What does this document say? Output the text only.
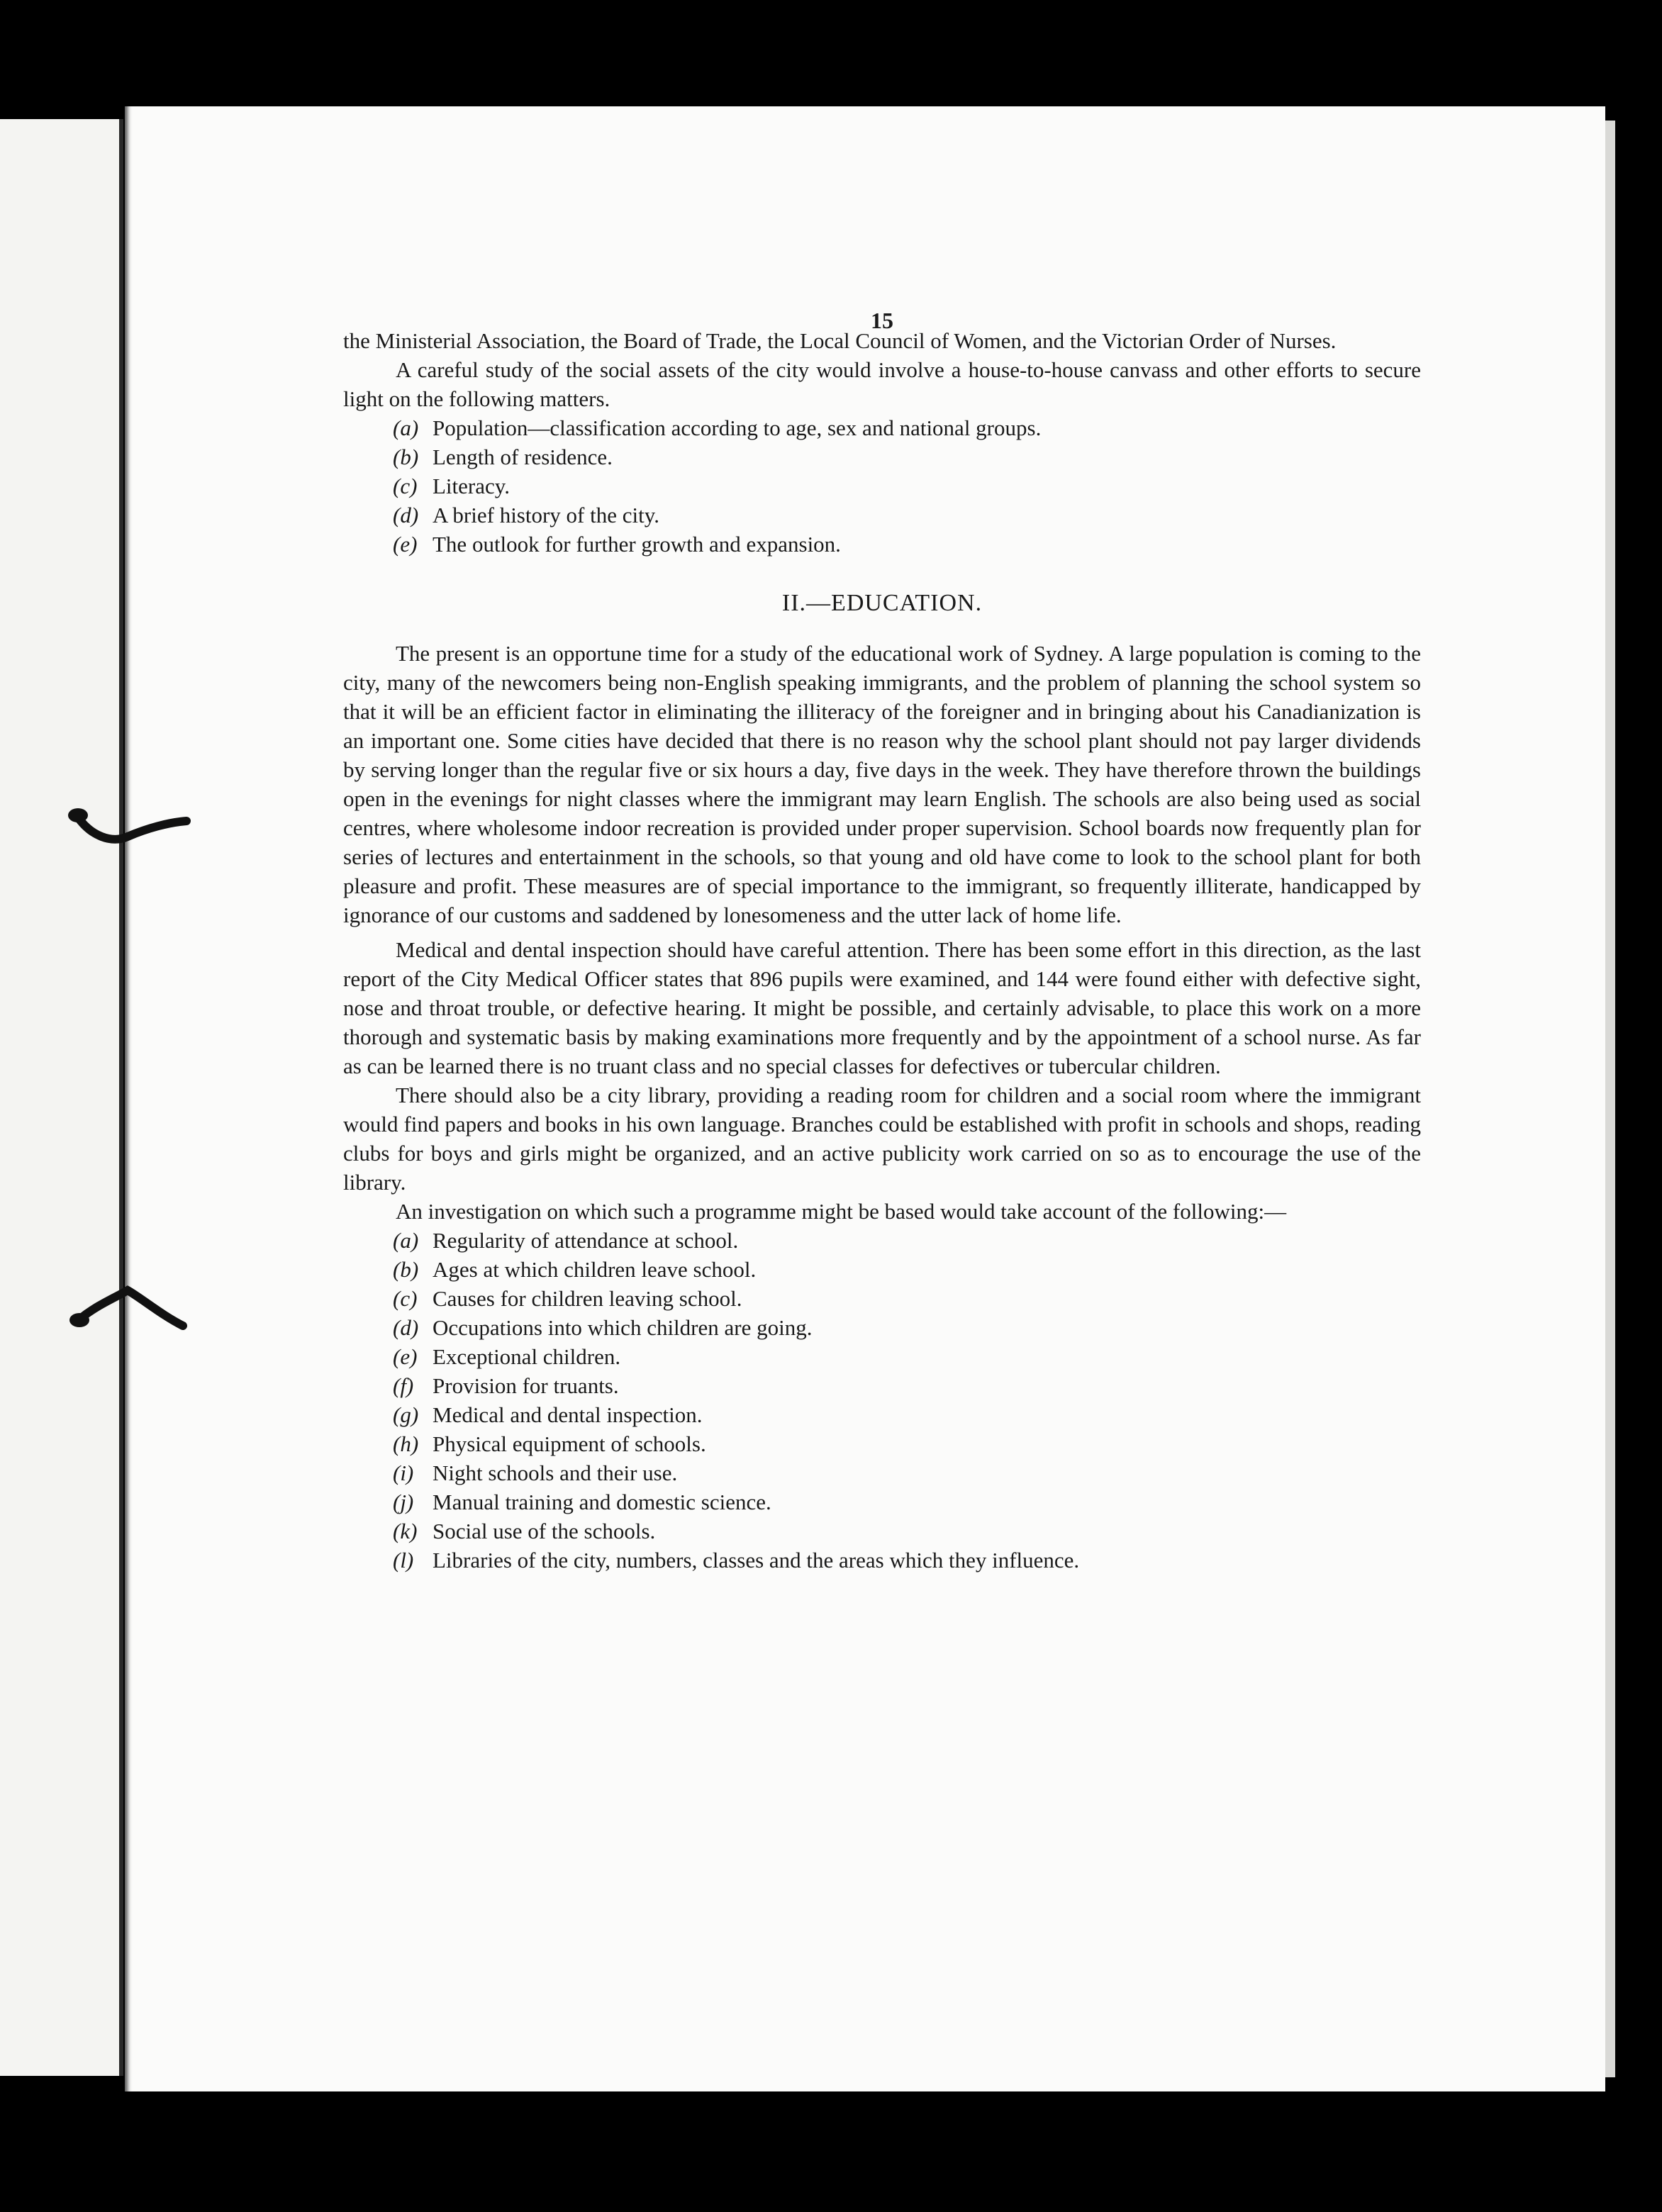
15

the Ministerial Association, the Board of Trade, the Local Council of Women, and the Victorian Order of Nurses.

A careful study of the social assets of the city would involve a house-to-house canvass and other efforts to secure light on the following matters.

(a) Population—classification according to age, sex and national groups.
(b) Length of residence.
(c) Literacy.
(d) A brief history of the city.
(e) The outlook for further growth and expansion.
II.—EDUCATION.

The present is an opportune time for a study of the educational work of Sydney. A large population is coming to the city, many of the newcomers being non-English speaking immigrants, and the problem of planning the school system so that it will be an efficient factor in eliminating the illiteracy of the foreigner and in bringing about his Canadianization is an important one. Some cities have decided that there is no reason why the school plant should not pay larger dividends by serving longer than the regular five or six hours a day, five days in the week. They have therefore thrown the buildings open in the evenings for night classes where the immigrant may learn English. The schools are also being used as social centres, where wholesome indoor recreation is provided under proper supervision. School boards now frequently plan for series of lectures and entertainment in the schools, so that young and old have come to look to the school plant for both pleasure and profit. These measures are of special importance to the immigrant, so frequently illiterate, handicapped by ignorance of our customs and saddened by lonesomeness and the utter lack of home life.

Medical and dental inspection should have careful attention. There has been some effort in this direction, as the last report of the City Medical Officer states that 896 pupils were examined, and 144 were found either with defective sight, nose and throat trouble, or defective hearing. It might be possible, and certainly advisable, to place this work on a more thorough and systematic basis by making examinations more frequently and by the appointment of a school nurse. As far as can be learned there is no truant class and no special classes for defectives or tubercular children.

There should also be a city library, providing a reading room for children and a social room where the immigrant would find papers and books in his own language. Branches could be established with profit in schools and shops, reading clubs for boys and girls might be organized, and an active publicity work carried on so as to encourage the use of the library.

An investigation on which such a programme might be based would take account of the following:—

(a) Regularity of attendance at school.
(b) Ages at which children leave school.
(c) Causes for children leaving school.
(d) Occupations into which children are going.
(e) Exceptional children.
(f) Provision for truants.
(g) Medical and dental inspection.
(h) Physical equipment of schools.
(i) Night schools and their use.
(j) Manual training and domestic science.
(k) Social use of the schools.
(l) Libraries of the city, numbers, classes and the areas which they influence.
